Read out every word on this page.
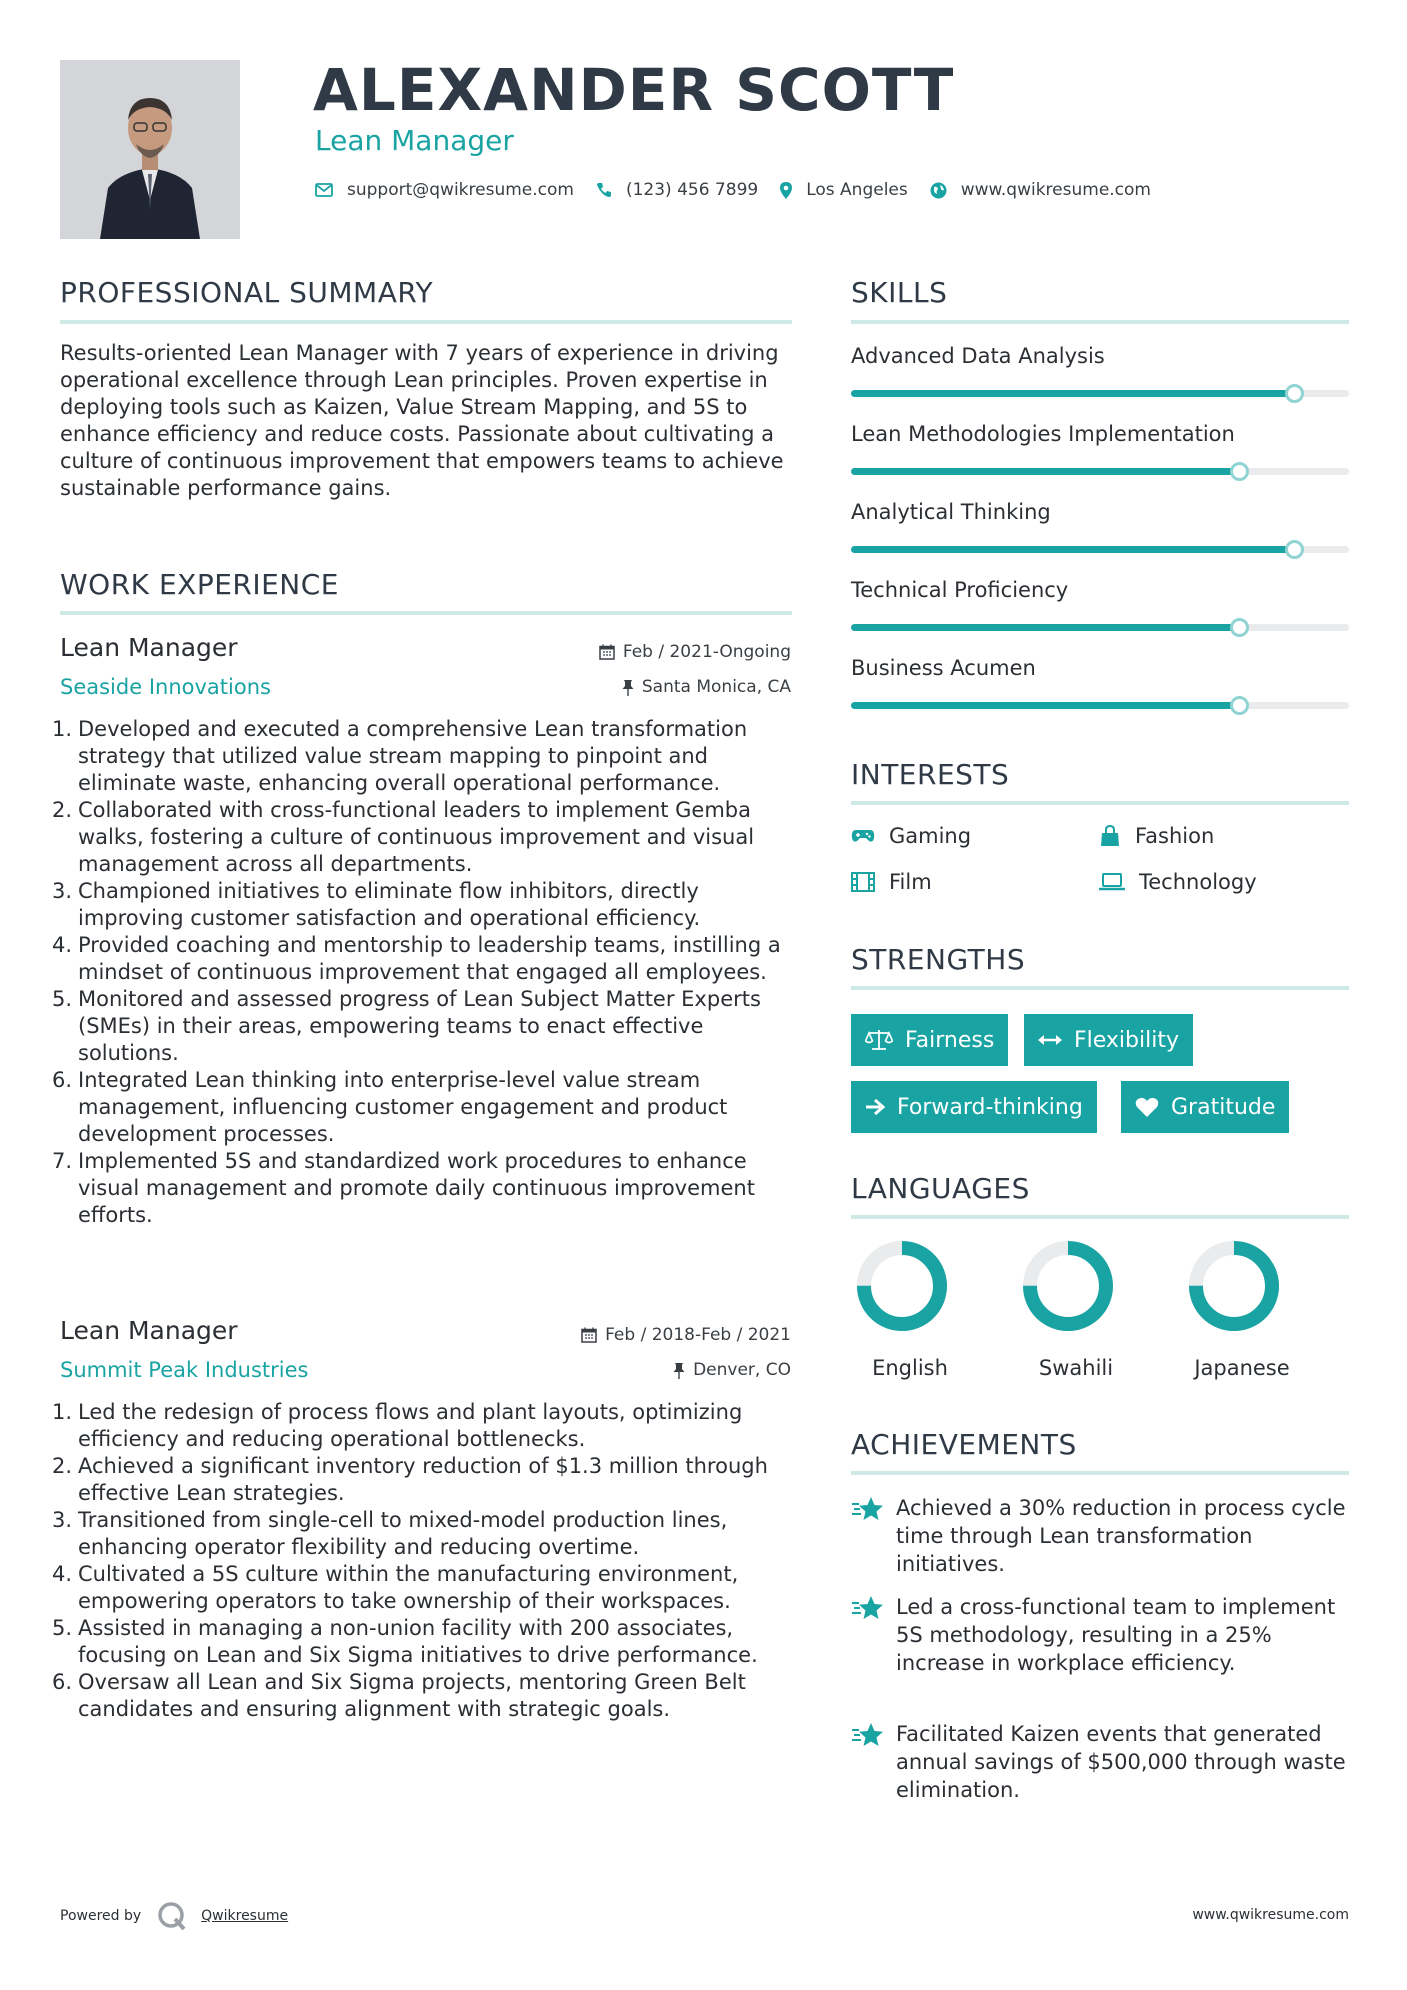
ALEXANDER SCOTT
Lean Manager
support@qwikresume.com	(123) 456 7899	Los Angeles	www.qwikresume.com
PROFESSIONAL SUMMARY
Results-oriented Lean Manager with 7 years of experience in driving operational excellence through Lean principles. Proven expertise in deploying tools such as Kaizen, Value Stream Mapping, and 5S to enhance efficiency and reduce costs. Passionate about cultivating a culture of continuous improvement that empowers teams to achieve sustainable performance gains.
WORK EXPERIENCE
Lean Manager	Feb / 2021-Ongoing
Seaside Innovations	Santa Monica, CA
1. Developed and executed a comprehensive Lean transformation strategy that utilized value stream mapping to pinpoint and eliminate waste, enhancing overall operational performance.
2. Collaborated with cross-functional leaders to implement Gemba walks, fostering a culture of continuous improvement and visual management across all departments.
3. Championed initiatives to eliminate flow inhibitors, directly improving customer satisfaction and operational efficiency.
4. Provided coaching and mentorship to leadership teams, instilling a mindset of continuous improvement that engaged all employees.
5. Monitored and assessed progress of Lean Subject Matter Experts (SMEs) in their areas, empowering teams to enact effective solutions.
6. Integrated Lean thinking into enterprise-level value stream management, influencing customer engagement and product development processes.
7. Implemented 5S and standardized work procedures to enhance visual management and promote daily continuous improvement efforts.
Lean Manager	Feb / 2018-Feb / 2021
Summit Peak Industries	Denver, CO
1. Led the redesign of process flows and plant layouts, optimizing efficiency and reducing operational bottlenecks.
2. Achieved a significant inventory reduction of $1.3 million through effective Lean strategies.
3. Transitioned from single-cell to mixed-model production lines, enhancing operator flexibility and reducing overtime.
4. Cultivated a 5S culture within the manufacturing environment, empowering operators to take ownership of their workspaces.
5. Assisted in managing a non-union facility with 200 associates, focusing on Lean and Six Sigma initiatives to drive performance.
6. Oversaw all Lean and Six Sigma projects, mentoring Green Belt candidates and ensuring alignment with strategic goals.
SKILLS
Advanced Data Analysis
Lean Methodologies Implementation
Analytical Thinking
Technical Proficiency
Business Acumen
INTERESTS
Gaming	Fashion
Film	Technology
STRENGTHS
Fairness	Flexibility
Forward-thinking	Gratitude
LANGUAGES
English	Swahili	Japanese
ACHIEVEMENTS
Achieved a 30% reduction in process cycle time through Lean transformation initiatives.
Led a cross-functional team to implement 5S methodology, resulting in a 25% increase in workplace efficiency.
Facilitated Kaizen events that generated annual savings of $500,000 through waste elimination.
Powered by	Qwikresume	www.qwikresume.com
